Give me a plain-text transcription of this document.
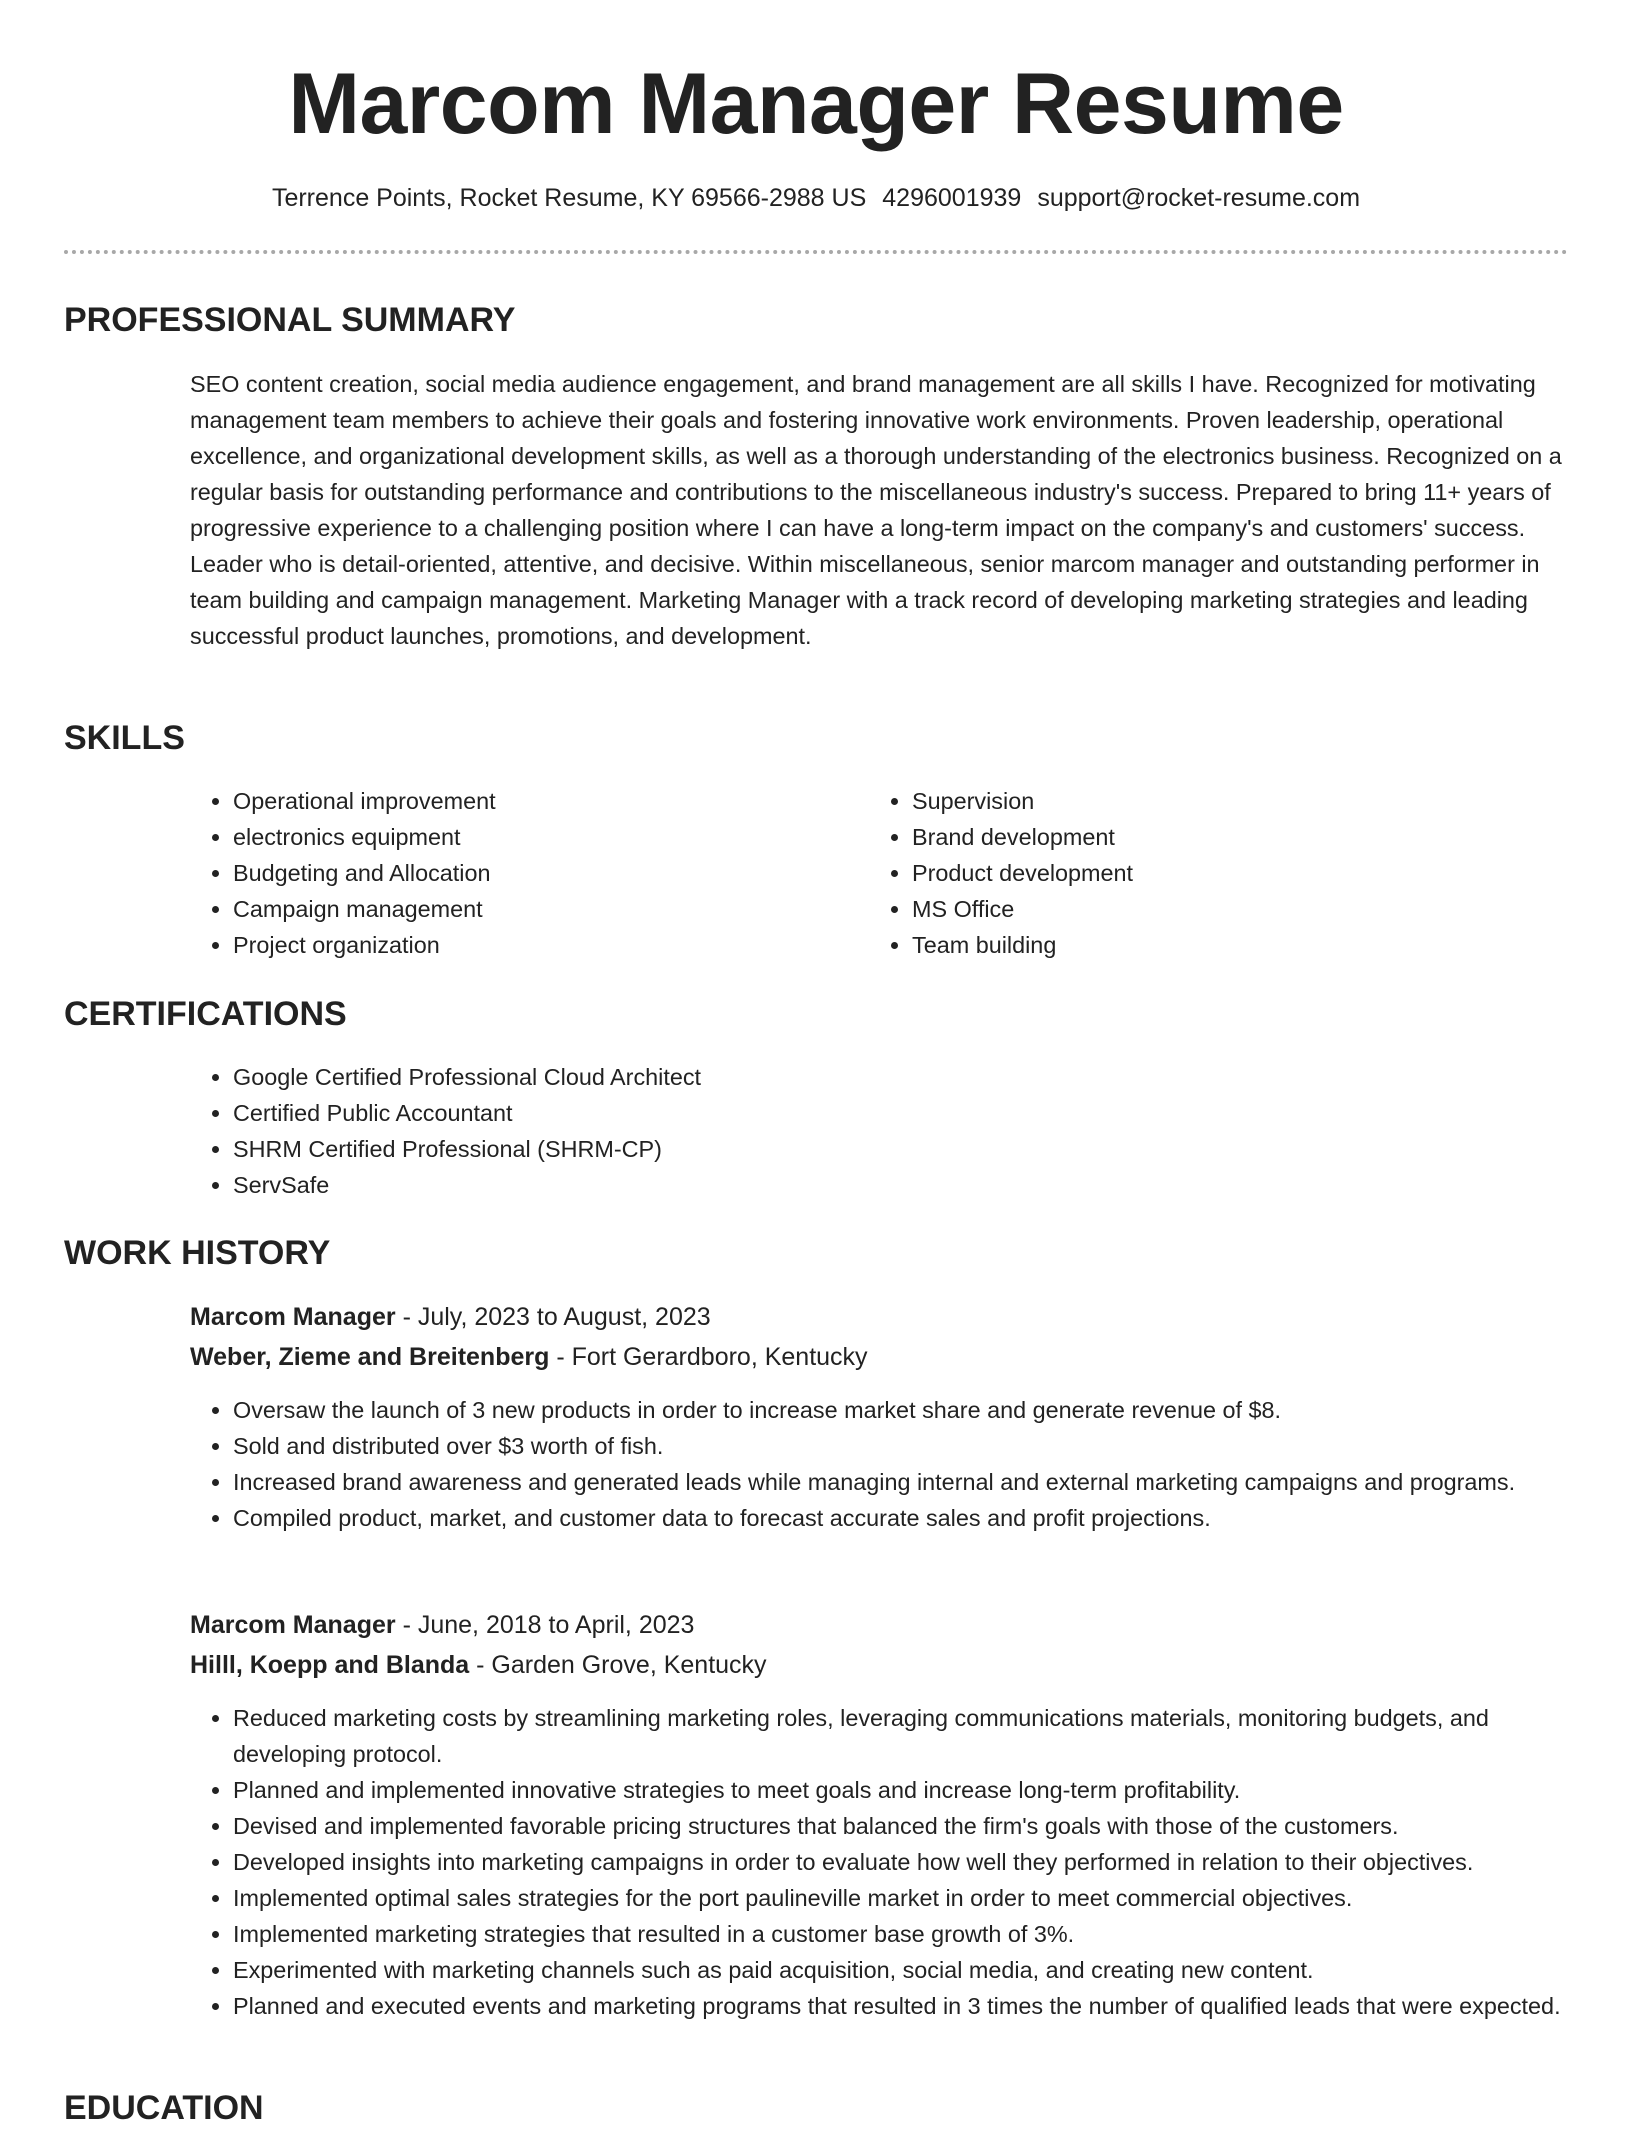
Marcom Manager Resume
Terrence Points, Rocket Resume, KY 69566-2988 US 4296001939 support@rocket-resume.com
PROFESSIONAL SUMMARY

SEO content creation, social media audience engagement, and brand management are all skills I have. Recognized for motivating management team members to achieve their goals and fostering innovative work environments. Proven leadership, operational excellence, and organizational development skills, as well as a thorough understanding of the electronics business. Recognized on a regular basis for outstanding performance and contributions to the miscellaneous industry's success. Prepared to bring 11+ years of progressive experience to a challenging position where I can have a long-term impact on the company's and customers' success. Leader who is detail-oriented, attentive, and decisive. Within miscellaneous, senior marcom manager and outstanding performer in team building and campaign management. Marketing Manager with a track record of developing marketing strategies and leading successful product launches, promotions, and development.

SKILLS
• Operational improvement
• electronics equipment
• Budgeting and Allocation
• Campaign management
• Project organization
• Supervision
• Brand development
• Product development
• MS Office
• Team building
CERTIFICATIONS
• Google Certified Professional Cloud Architect
• Certified Public Accountant
• SHRM Certified Professional (SHRM-CP)
• ServSafe
WORK HISTORY
Marcom Manager - July, 2023 to August, 2023
Weber, Zieme and Breitenberg - Fort Gerardboro, Kentucky
• Oversaw the launch of 3 new products in order to increase market share and generate revenue of $8.
• Sold and distributed over $3 worth of fish.
• Increased brand awareness and generated leads while managing internal and external marketing campaigns and programs.
• Compiled product, market, and customer data to forecast accurate sales and profit projections.
Marcom Manager - June, 2018 to April, 2023
Hilll, Koepp and Blanda - Garden Grove, Kentucky
• Reduced marketing costs by streamlining marketing roles, leveraging communications materials, monitoring budgets, and developing protocol.
• Planned and implemented innovative strategies to meet goals and increase long-term profitability.
• Devised and implemented favorable pricing structures that balanced the firm's goals with those of the customers.
• Developed insights into marketing campaigns in order to evaluate how well they performed in relation to their objectives.
• Implemented optimal sales strategies for the port paulineville market in order to meet commercial objectives.
• Implemented marketing strategies that resulted in a customer base growth of 3%.
• Experimented with marketing channels such as paid acquisition, social media, and creating new content.
• Planned and executed events and marketing programs that resulted in 3 times the number of qualified leads that were expected.
EDUCATION
